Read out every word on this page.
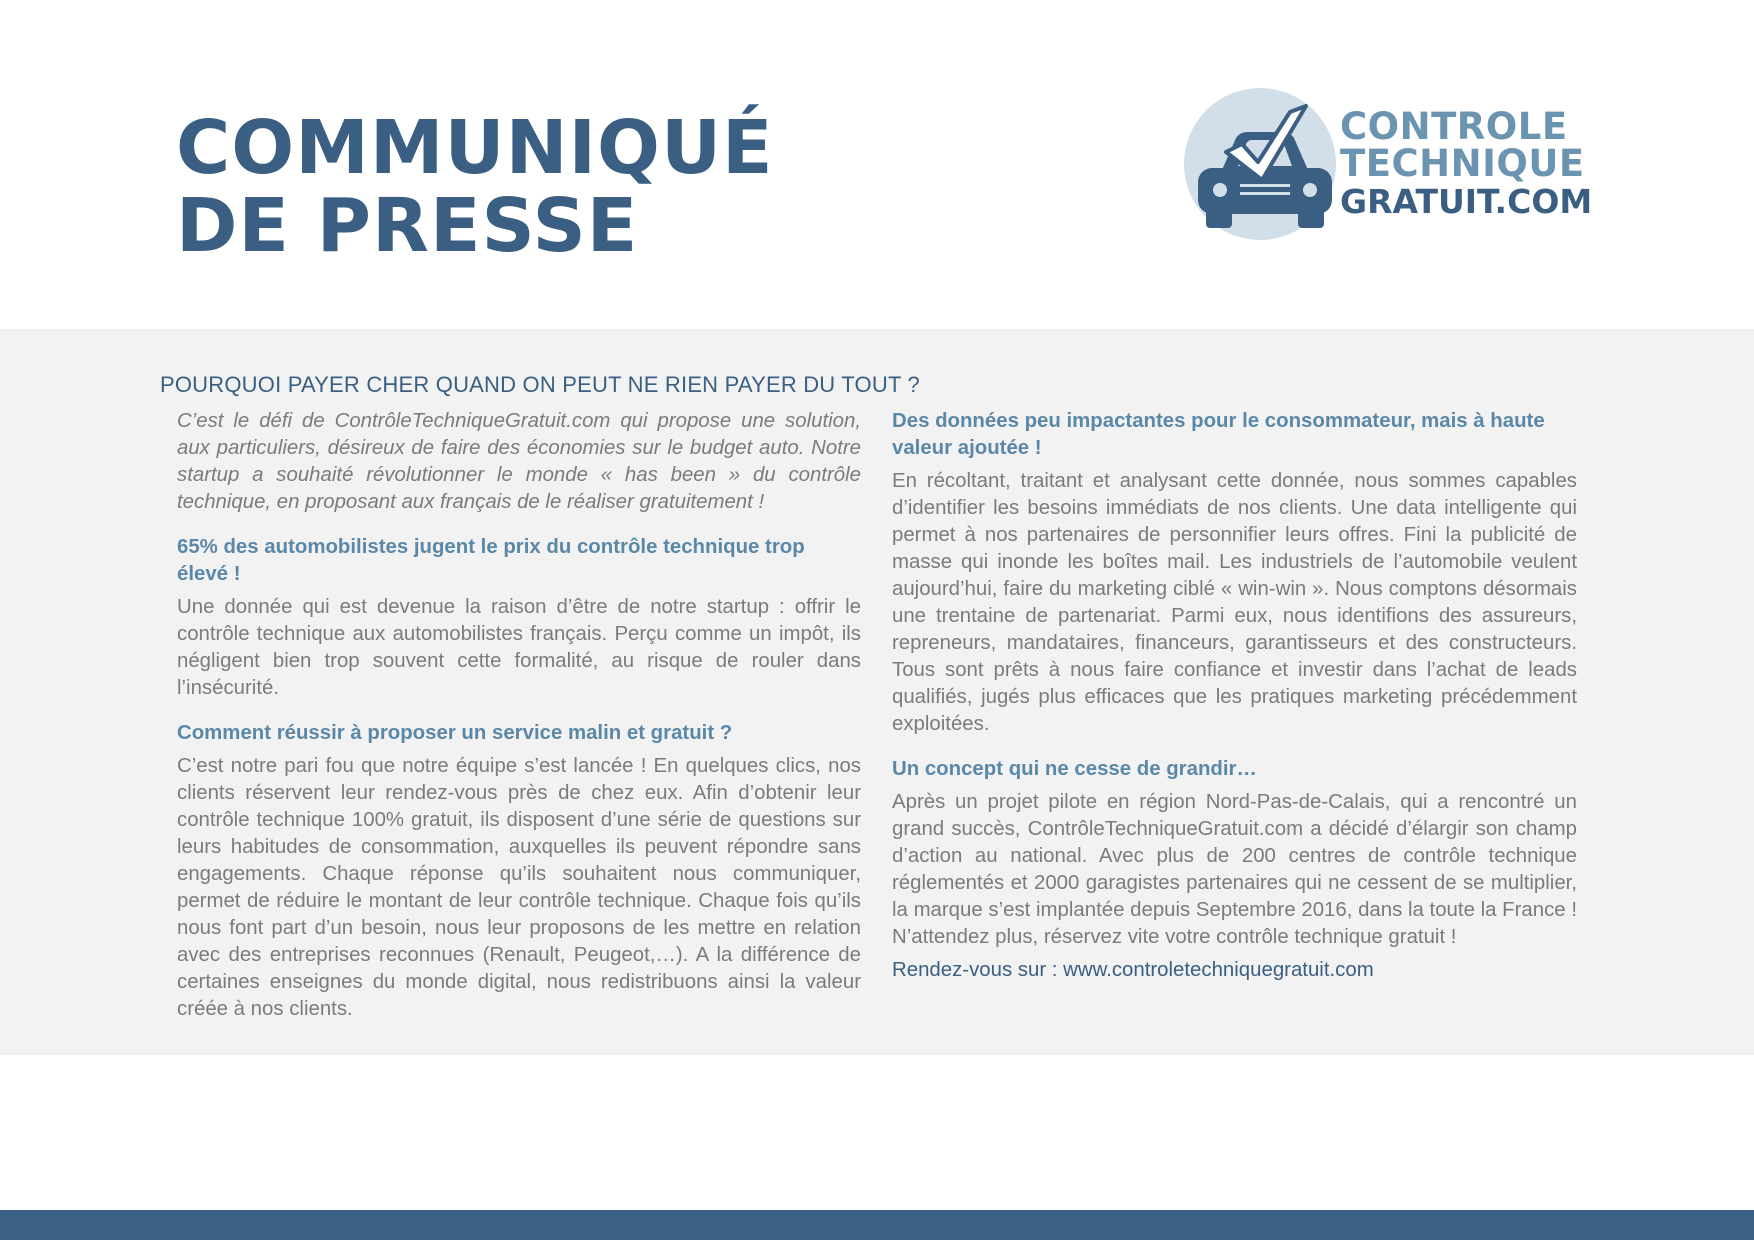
COMMUNIQUÉ
DE PRESSE
CONTROLE
TECHNIQUE
GRATUIT.COM
POURQUOI PAYER CHER QUAND ON PEUT NE RIEN PAYER DU TOUT ?

C’est le défi de ContrôleTechniqueGratuit.com qui propose une solution, aux particuliers, désireux de faire des économies sur le budget auto. Notre startup a souhaité révolutionner le monde « has been » du contrôle technique, en proposant aux français de le réaliser gratuitement !

65% des automobilistes jugent le prix du contrôle technique trop élevé !

Une donnée qui est devenue la raison d’être de notre startup : offrir le contrôle technique aux automobilistes français. Perçu comme un impôt, ils négligent bien trop souvent cette formalité, au risque de rouler dans l’insécurité.

Comment réussir à proposer un service malin et gratuit ?

C’est notre pari fou que notre équipe s’est lancée ! En quelques clics, nos clients réservent leur rendez-vous près de chez eux. Afin d’obtenir leur contrôle technique 100% gratuit, ils disposent d’une série de questions sur leurs habitudes de consommation, auxquelles ils peuvent répondre sans engagements. Chaque réponse qu’ils souhaitent nous communiquer, permet de réduire le montant de leur contrôle technique. Chaque fois qu’ils nous font part d’un besoin, nous leur proposons de les mettre en relation avec des entreprises reconnues (Renault, Peugeot,…). A la différence de certaines enseignes du monde digital, nous redistribuons ainsi la valeur créée à nos clients.

Des données peu impactantes pour le consommateur, mais à haute valeur ajoutée !

En récoltant, traitant et analysant cette donnée, nous sommes capables d’identifier les besoins immédiats de nos clients. Une data intelligente qui permet à nos partenaires de personnifier leurs offres. Fini la publicité de masse qui inonde les boîtes mail. Les industriels de l’automobile veulent aujourd’hui, faire du marketing ciblé « win-win ». Nous comptons désormais une trentaine de partenariat. Parmi eux, nous identifions des assureurs, repreneurs, mandataires, financeurs, garantisseurs et des constructeurs. Tous sont prêts à nous faire confiance et investir dans l’achat de leads qualifiés, jugés plus efficaces que les pratiques marketing précédemment exploitées.

Un concept qui ne cesse de grandir…

Après un projet pilote en région Nord-Pas-de-Calais, qui a rencontré un grand succès, ContrôleTechniqueGratuit.com a décidé d’élargir son champ d’action au national. Avec plus de 200 centres de contrôle technique réglementés et 2000 garagistes partenaires qui ne cessent de se multiplier, la marque s’est implantée depuis Septembre 2016, dans la toute la France ! N’attendez plus, réservez vite votre contrôle technique gratuit !

Rendez-vous sur : www.controletechniquegratuit.com
